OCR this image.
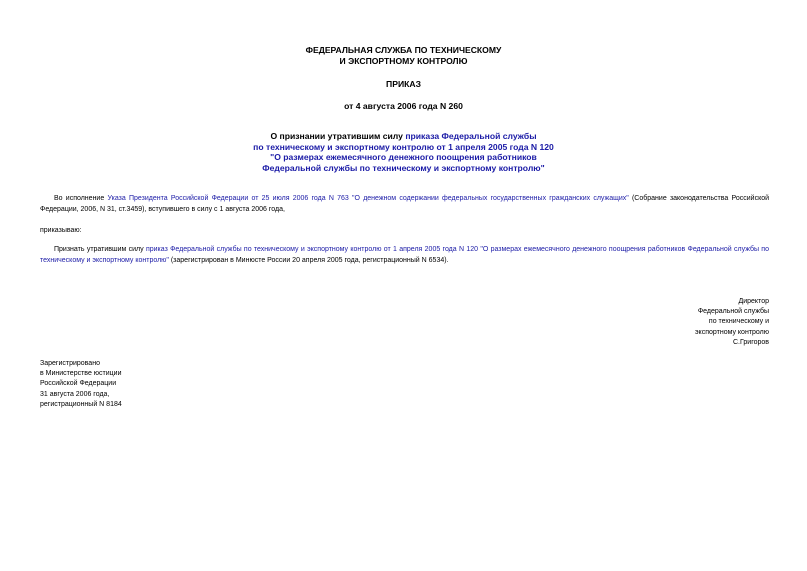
ФЕДЕРАЛЬНАЯ СЛУЖБА ПО ТЕХНИЧЕСКОМУ
И ЭКСПОРТНОМУ КОНТРОЛЮ
ПРИКАЗ
от 4 августа 2006 года N 260
О признании утратившим силу приказа Федеральной службы
по техническому и экспортному контролю от 1 апреля 2005 года N 120
"О размерах ежемесячного денежного поощрения работников
Федеральной службы по техническому и экспортному контролю"
Во исполнение Указа Президента Российской Федерации от 25 июля 2006 года N 763 "О денежном содержании федеральных государственных гражданских служащих" (Собрание законодательства Российской Федерации, 2006, N 31, ст.3459), вступившего в силу с 1 августа 2006 года,
приказываю:
Признать утратившим силу приказ Федеральной службы по техническому и экспортному контролю от 1 апреля 2005 года N 120 "О размерах ежемесячного денежного поощрения работников Федеральной службы по техническому и экспортному контролю" (зарегистрирован в Минюсте России 20 апреля 2005 года, регистрационный N 6534).
Директор
Федеральной службы
по техническому и
экспортному контролю
С.Григоров
Зарегистрировано
в Министерстве юстиции
Российской Федерации
31 августа 2006 года,
регистрационный N 8184
